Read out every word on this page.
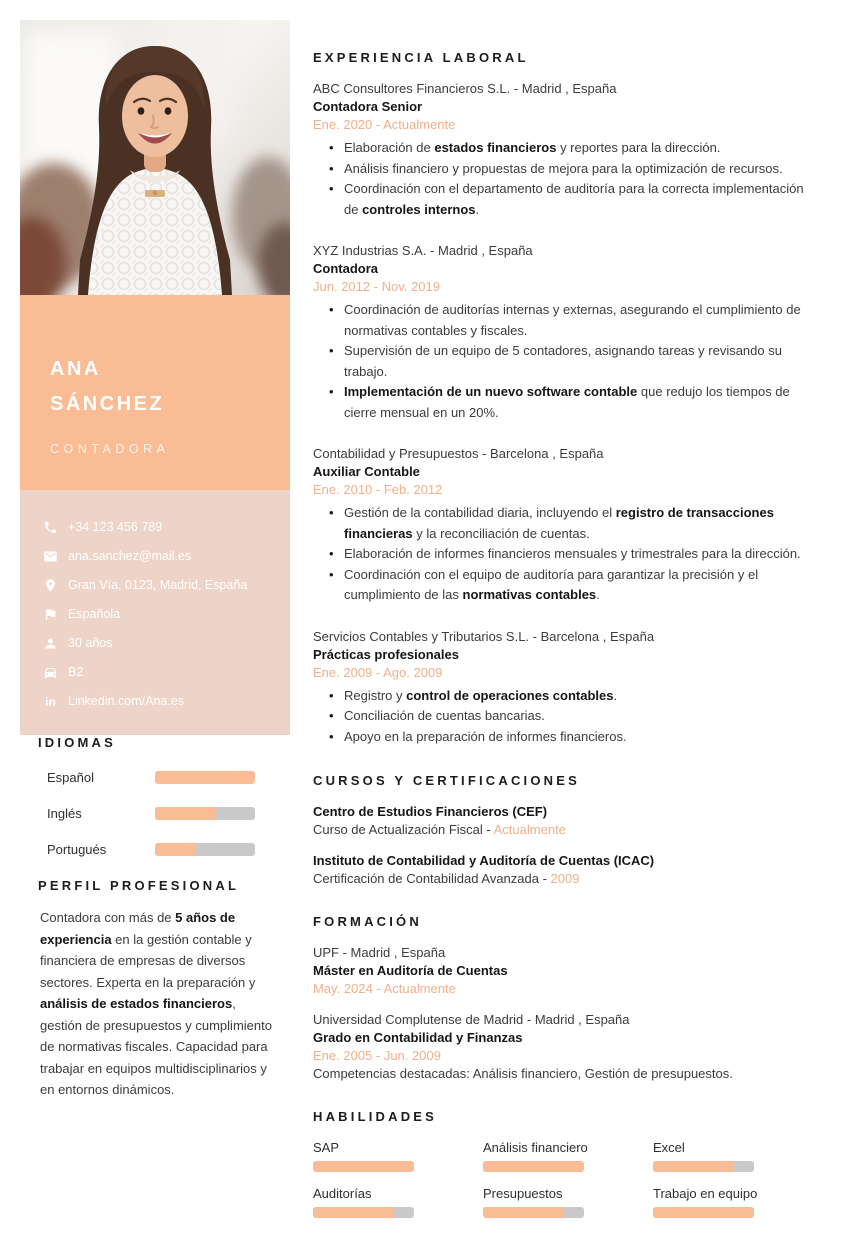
ANA
SÁNCHEZ
CONTADORA
+34 123 456 789
ana.sanchez@mail.es
Gran Vía, 0123, Madrid, España
Española
30 años
B2
in Linkedin.com/Ana.es
IDIOMAS
Español
Inglés
Portugués
PERFIL PROFESIONAL

Contadora con más de 5 años de experiencia en la gestión contable y financiera de empresas de diversos sectores. Experta en la preparación y análisis de estados financieros, gestión de presupuestos y cumplimiento de normativas fiscales. Capacidad para trabajar en equipos multidisciplinarios y en entornos dinámicos.

EXPERIENCIA LABORAL
ABC Consultores Financieros S.L. - Madrid , España
Contadora Senior
Ene. 2020 - Actualmente
• Elaboración de estados financieros y reportes para la dirección.
• Análisis financiero y propuestas de mejora para la optimización de recursos.
• Coordinación con el departamento de auditoría para la correcta implementación de controles internos.
XYZ Industrias S.A. - Madrid , España
Contadora
Jun. 2012 - Nov. 2019
• Coordinación de auditorías internas y externas, asegurando el cumplimiento de normativas contables y fiscales.
• Supervisión de un equipo de 5 contadores, asignando tareas y revisando su trabajo.
• Implementación de un nuevo software contable que redujo los tiempos de cierre mensual en un 20%.
Contabilidad y Presupuestos - Barcelona , España
Auxiliar Contable
Ene. 2010 - Feb. 2012
• Gestión de la contabilidad diaria, incluyendo el registro de transacciones financieras y la reconciliación de cuentas.
• Elaboración de informes financieros mensuales y trimestrales para la dirección.
• Coordinación con el equipo de auditoría para garantizar la precisión y el cumplimiento de las normativas contables.
Servicios Contables y Tributarios S.L. - Barcelona , España
Prácticas profesionales
Ene. 2009 - Ago. 2009
• Registro y control de operaciones contables.
• Conciliación de cuentas bancarias.
• Apoyo en la preparación de informes financieros.
CURSOS Y CERTIFICACIONES
Centro de Estudios Financieros (CEF)
Curso de Actualización Fiscal - Actualmente
Instituto de Contabilidad y Auditoría de Cuentas (ICAC)
Certificación de Contabilidad Avanzada - 2009
FORMACIÓN
UPF - Madrid , España
Máster en Auditoría de Cuentas
May. 2024 - Actualmente
Universidad Complutense de Madrid - Madrid , España
Grado en Contabilidad y Finanzas
Ene. 2005 - Jun. 2009
Competencias destacadas: Análisis financiero, Gestión de presupuestos.
HABILIDADES
SAP	Análisis financiero	Excel
Auditorías	Presupuestos	Trabajo en equipo
